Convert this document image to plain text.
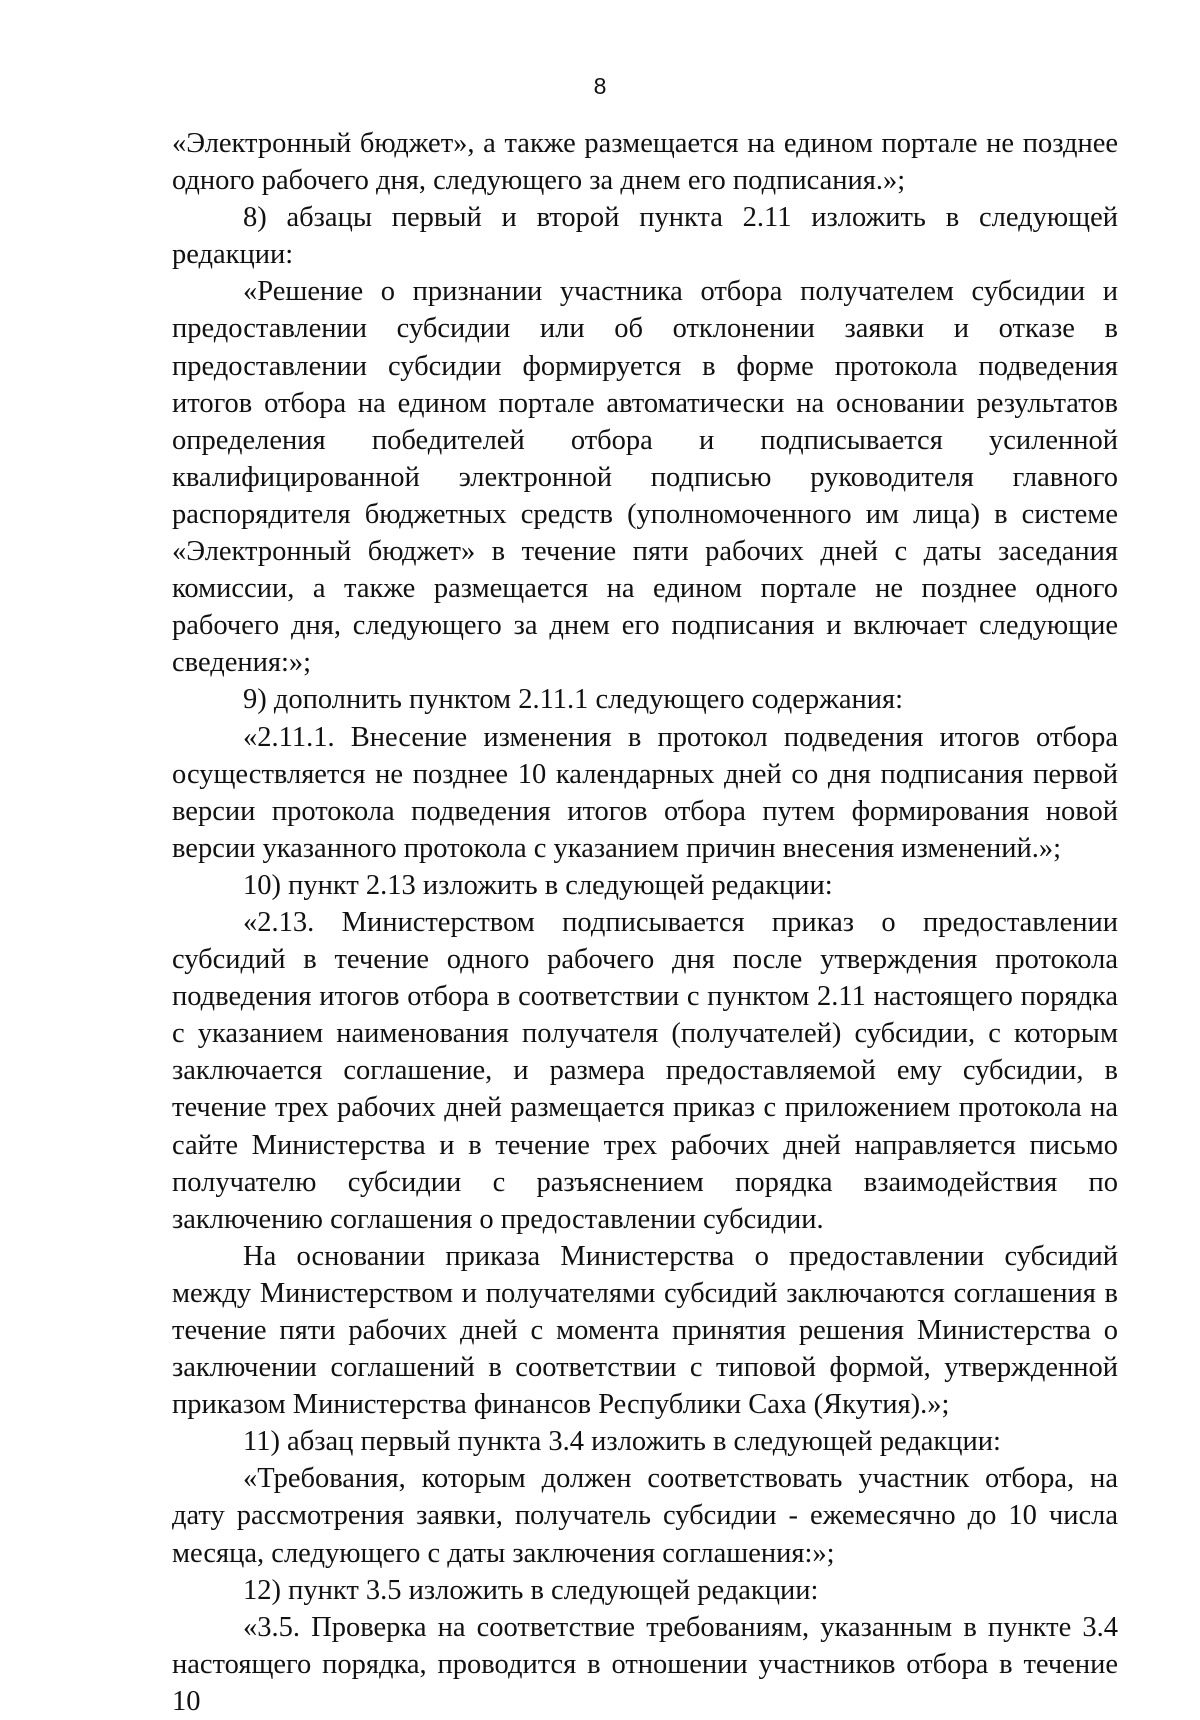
8

«Электронный бюджет», а также размещается на едином портале не позднее одного рабочего дня, следующего за днем его подписания.»;

8) абзацы первый и второй пункта 2.11 изложить в следующей редакции:

«Решение о признании участника отбора получателем субсидии и предоставлении субсидии или об отклонении заявки и отказе в предоставлении субсидии формируется в форме протокола подведения итогов отбора на едином портале автоматически на основании результатов определения победителей отбора и подписывается усиленной квалифицированной электронной подписью руководителя главного распорядителя бюджетных средств (уполномоченного им лица) в системе «Электронный бюджет» в течение пяти рабочих дней с даты заседания комиссии, а также размещается на едином портале не позднее одного рабочего дня, следующего за днем его подписания и включает следующие сведения:»;

9) дополнить пунктом 2.11.1 следующего содержания:

«2.11.1. Внесение изменения в протокол подведения итогов отбора осуществляется не позднее 10 календарных дней со дня подписания первой версии протокола подведения итогов отбора путем формирования новой версии указанного протокола с указанием причин внесения изменений.»;

10) пункт 2.13 изложить в следующей редакции:

«2.13. Министерством подписывается приказ о предоставлении субсидий в течение одного рабочего дня после утверждения протокола подведения итогов отбора в соответствии с пунктом 2.11 настоящего порядка с указанием наименования получателя (получателей) субсидии, с которым заключается соглашение, и размера предоставляемой ему субсидии, в течение трех рабочих дней размещается приказ с приложением протокола на сайте Министерства и в течение трех рабочих дней направляется письмо получателю субсидии с разъяснением порядка взаимодействия по заключению соглашения о предоставлении субсидии.

На основании приказа Министерства о предоставлении субсидий между Министерством и получателями субсидий заключаются соглашения в течение пяти рабочих дней с момента принятия решения Министерства о заключении соглашений в соответствии с типовой формой, утвержденной приказом Министерства финансов Республики Саха (Якутия).»;

11) абзац первый пункта 3.4 изложить в следующей редакции:

«Требования, которым должен соответствовать участник отбора, на дату рассмотрения заявки, получатель субсидии - ежемесячно до 10 числа месяца, следующего с даты заключения соглашения:»;

12) пункт 3.5 изложить в следующей редакции:

«3.5. Проверка на соответствие требованиям, указанным в пункте 3.4 настоящего порядка, проводится в отношении участников отбора в течение 10
